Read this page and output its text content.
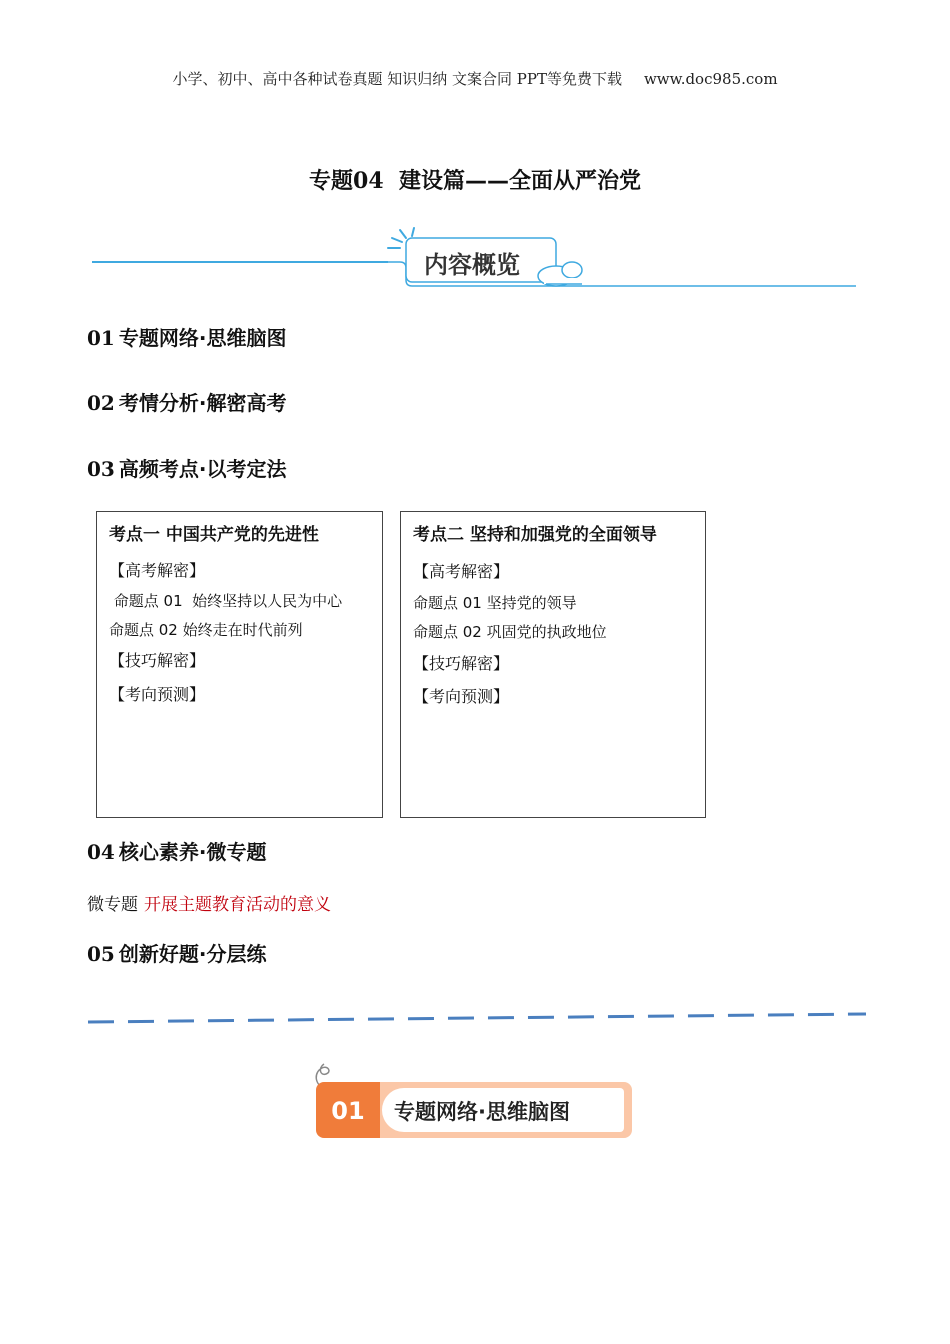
小学、初中、高中各种试卷真题 知识归纳 文案合同 PPT等免费下载 www.doc985.com
专题04  建设篇——全面从严治党
内容概览
01 专题网络·思维脑图
02 考情分析·解密高考
03 高频考点·以考定法
考点一 中国共产党的先进性
【高考解密】
命题点 01  始终坚持以人民为中心
命题点 02 始终走在时代前列
【技巧解密】
【考向预测】
考点二 坚持和加强党的全面领导
【高考解密】
命题点 01 坚持党的领导
命题点 02 巩固党的执政地位
【技巧解密】
【考向预测】
04 核心素养·微专题
微专题 开展主题教育活动的意义
05 创新好题·分层练
01	专题网络·思维脑图
